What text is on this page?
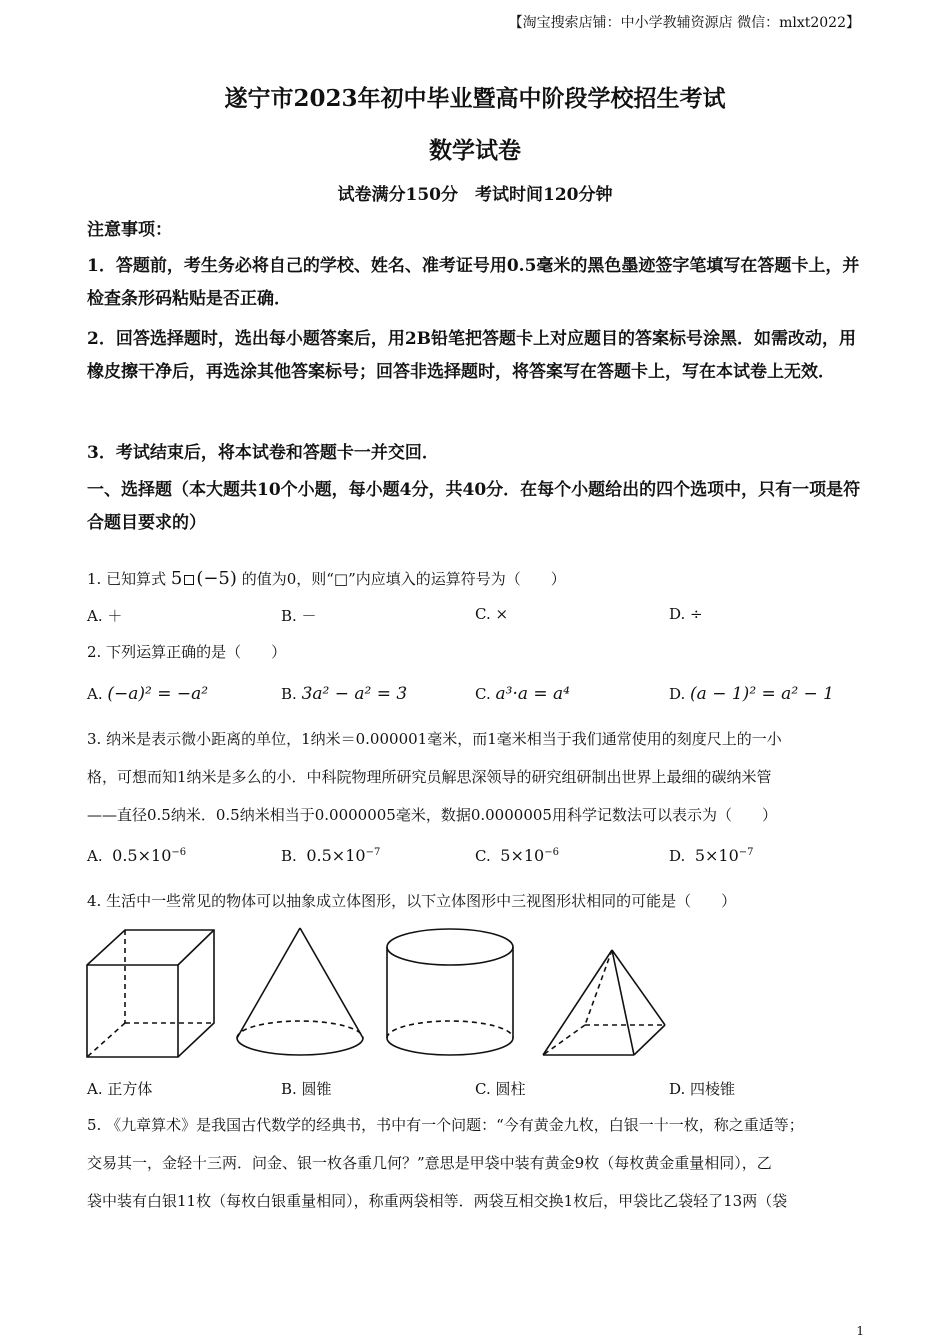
【淘宝搜索店铺：中小学教辅资源店 微信：mlxt2022】
遂宁市2023年初中毕业暨高中阶段学校招生考试
数学试卷
试卷满分150分　考试时间120分钟
注意事项：
1．答题前，考生务必将自己的学校、姓名、准考证号用0.5毫米的黑色墨迹签字笔填写在答题卡上，并检查条形码粘贴是否正确．
2．回答选择题时，选出每小题答案后，用2B铅笔把答题卡上对应题目的答案标号涂黑．如需改动，用橡皮擦干净后，再选涂其他答案标号；回答非选择题时，将答案写在答题卡上，写在本试卷上无效．
3．考试结束后，将本试卷和答题卡一并交回．
一、选择题（本大题共10个小题，每小题4分，共40分．在每个小题给出的四个选项中，只有一项是符合题目要求的）
1. 已知算式 5 (−5) 的值为0，则“□”内应填入的运算符号为（　　）
A. ＋	B. －	C. ×	D. ÷
2. 下列运算正确的是（　　）
A. (−a)² = −a²	B. 3a² − a² = 3	C. a³·a = a⁴	D. (a − 1)² = a² − 1
3. 纳米是表示微小距离的单位，1纳米＝0.000001毫米，而1毫米相当于我们通常使用的刻度尺上的一小
格，可想而知1纳米是多么的小．中科院物理所研究员解思深领导的研究组研制出世界上最细的碳纳米管
——直径0.5纳米．0.5纳米相当于0.0000005毫米，数据0.0000005用科学记数法可以表示为（　　）
A. $0.5\times 10^{-6}$	B. $0.5\times 10^{-7}$	C. $5\times 10^{-6}$	D. $5\times 10^{-7}$
4. 生活中一些常见的物体可以抽象成立体图形，以下立体图形中三视图形状相同的可能是（　　）
A. 正方体	B. 圆锥	C. 圆柱	D. 四棱锥
5. 《九章算术》是我国古代数学的经典书，书中有一个问题：“今有黄金九枚，白银一十一枚，称之重适等；
交易其一，金轻十三两．问金、银一枚各重几何？”意思是甲袋中装有黄金9枚（每枚黄金重量相同），乙
袋中装有白银11枚（每枚白银重量相同），称重两袋相等．两袋互相交换1枚后，甲袋比乙袋轻了13两（袋
1
